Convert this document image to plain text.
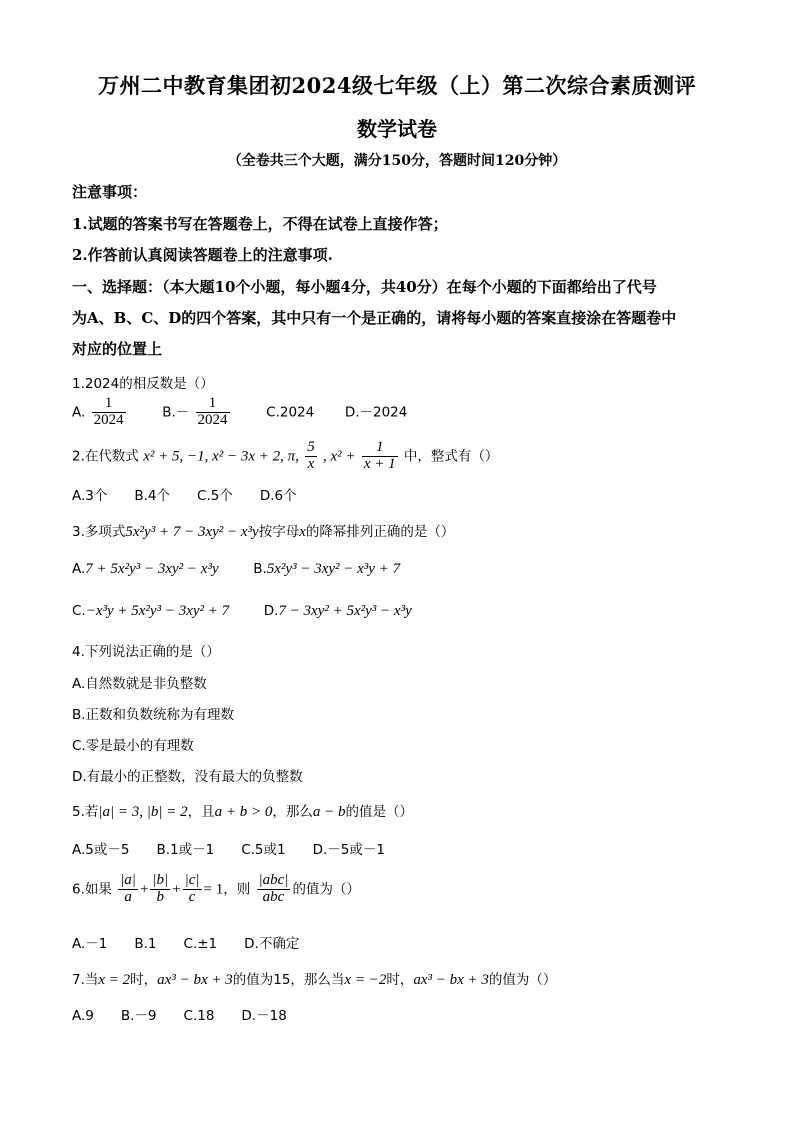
万州二中教育集团初2024级七年级（上）第二次综合素质测评
数学试卷
（全卷共三个大题，满分150分，答题时间120分钟）
注意事项：
1.试题的答案书写在答题卷上，不得在试卷上直接作答；
2.作答前认真阅读答题卷上的注意事项.
一、选择题：（本大题10个小题，每小题4分，共40分）在每个小题的下面都给出了代号
为A、B、C、D的四个答案，其中只有一个是正确的，请将每小题的答案直接涂在答题卷中
对应的位置上
1.2024的相反数是（）
A. $\frac{1}{2024}$	$B.- \frac{1}{2024}$	C.2024 D.－2024
2.在代数式 x² + 5, −1, x² − 3x + 2, π, $\frac{5}{x}$ , $x^2 + \frac{1}{x + 1}$ 中，整式有（）
A.3个　　B.4个　　C.5个　　D.6个
3.多项式5x²y³ + 7 − 3xy² − x³y按字母x的降幂排列正确的是（）
A.7 + 5x²y³ − 3xy² − x³y	B.5x²y³ − 3xy² − x³y + 7
C.−x³y + 5x²y³ − 3xy² + 7	D.7 − 3xy² + 5x²y³ − x³y
4.下列说法正确的是（）
A.自然数就是非负整数
B.正数和负数统称为有理数
C.零是最小的有理数
D.有最小的正整数，没有最大的负整数
5.若|a| = 3, |b| = 2，且a + b > 0，那么a − b的值是（）
A.5或－5　　B.1或－1　　C.5或1　　D.－5或－1
6.如果 $\frac{|a|}{a} + \frac{|b|}{b} + \frac{|c|}{c} = 1$，则 $\frac{\text{|abc|}}{\text{abc}}$ 的值为（）
A.－1　　B.1　　C.±1　　D.不确定
7.当x = 2时，ax³ − bx + 3的值为15，那么当x = −2时，ax³ − bx + 3的值为（）
A.9　　B.－9　　C.18　　D.－18
